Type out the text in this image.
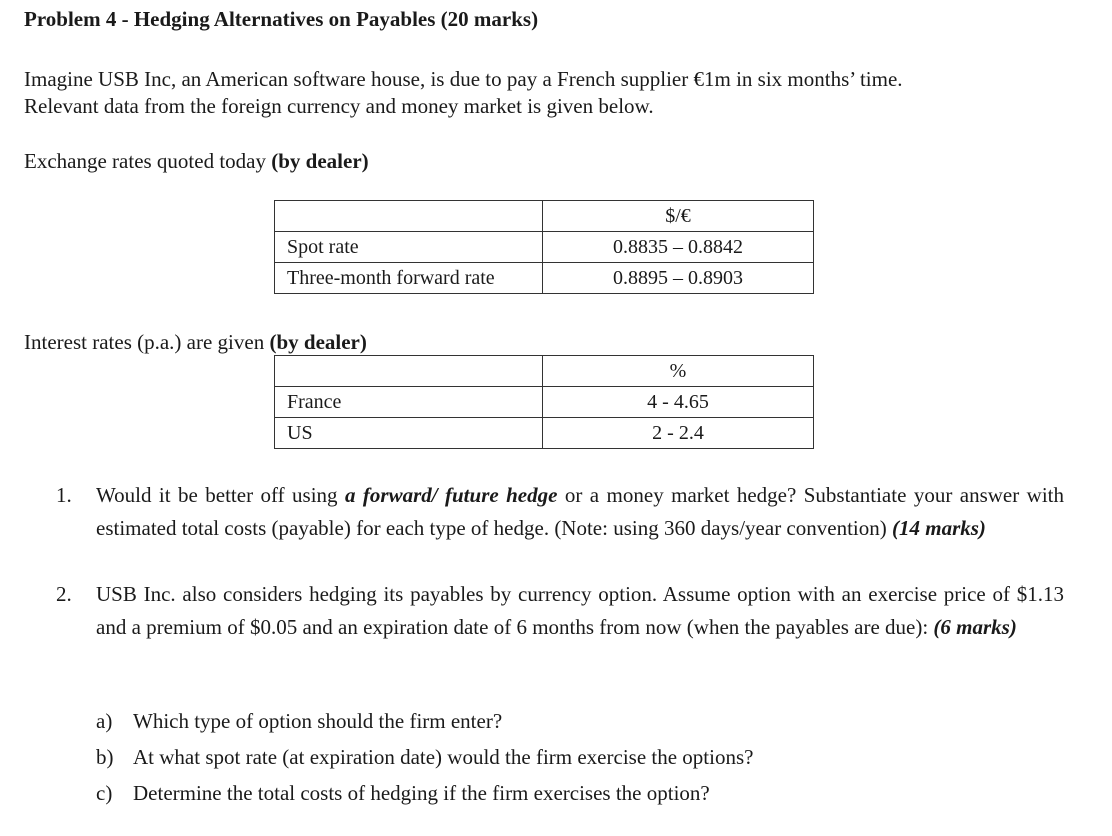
Problem 4 - Hedging Alternatives on Payables (20 marks)
Imagine USB Inc, an American software house, is due to pay a French supplier €1m in six months’ time.
Relevant data from the foreign currency and money market is given below.
Exchange rates quoted today (by dealer)
	$/€
Spot rate	0.8835 – 0.8842
Three-month forward rate	0.8895 – 0.8903
Interest rates (p.a.) are given (by dealer)
	%
France	4 - 4.65
US	2 - 2.4
1. Would it be better off using a forward/ future hedge or a money market hedge? Substantiate your answer with estimated total costs (payable) for each type of hedge. (Note: using 360 days/year convention) (14 marks)
2. USB Inc. also considers hedging its payables by currency option. Assume option with an exercise price of $1.13 and a premium of $0.05 and an expiration date of 6 months from now (when the payables are due): (6 marks)
a) Which type of option should the firm enter?
b) At what spot rate (at expiration date) would the firm exercise the options?
c) Determine the total costs of hedging if the firm exercises the option?
